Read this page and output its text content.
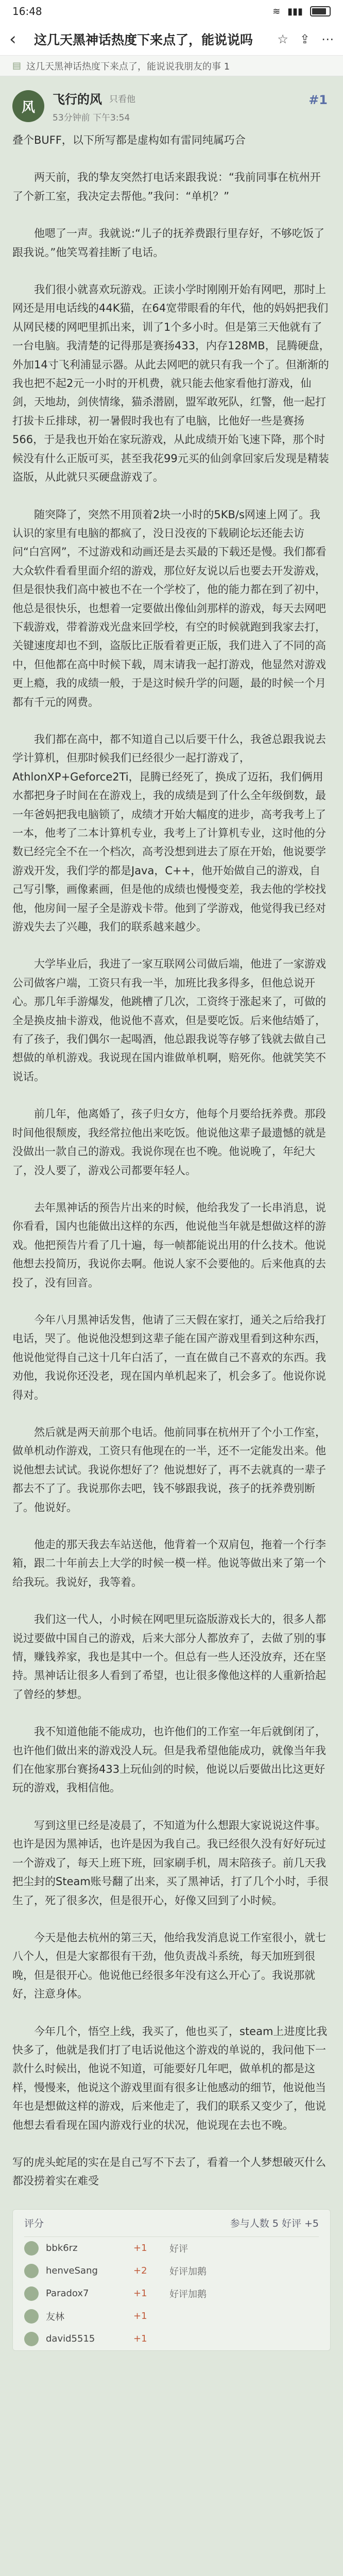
16:48	≋ ▮▮▮
‹	这几天黑神话热度下来点了，能说说吗	☆ ⇪ ⋯
▤ 这几天黑神话热度下来点了，能说说我朋友的事 1
风
飞行的风 只看他
53分钟前 下午3:54
#1

叠个BUFF，以下所写都是虚构如有雷同纯属巧合

两天前，我的挚友突然打电话来跟我说：“我前同事在杭州开了个新工室，我决定去帮他。”我问：“单机？”

他嗯了一声。我就说:“儿子的抚养费跟行里存好，不够吃饭了跟我说。”他笑骂着挂断了电话。

我们很小就喜欢玩游戏。正读小学时刚刚开始有网吧，那时上网还是用电话线的44K猫，在64宽带眼看的年代，他的妈妈把我们从网民楼的网吧里抓出来，训了1个多小时。但是第三天他就有了一台电脑。我清楚的记得那是赛扬433，内存128MB，昆腾硬盘，外加14寸飞利浦显示器。从此去网吧的就只有我一个了。但渐渐的我也把不起2元一小时的开机费，就只能去他家看他打游戏，仙剑，天地劫，剑侠情缘，猫杀潜剧，盟军敢死队，红警，他一起打打拔卡丘排球，初一暑假时我也有了电脑，比他好一些是赛扬566，于是我也开始在家玩游戏，从此成绩开始飞速下降，那个时候没有什么正版可买，甚至我花99元买的仙剑拿回家后发现是精装盗版，从此就只买硬盘游戏了。

随突降了，突然不用顶着2块一小时的5KB/s网速上网了。我认识的家里有电脑的都疯了，没日没夜的下载刷论坛还能去访问“白宫网”，不过游戏和动画还是去买最的下载还是慢。我们都看大众软件看看里面介绍的游戏，那位好友说以后也要去开发游戏，但是很快我们高中被也不在一个学校了，他的能力都在到了初中，他总是很快乐，也想着一定要做出像仙剑那样的游戏，每天去网吧下载游戏，带着游戏光盘来回学校，有空的时候就跑到我家去打，关键速度却也不到，盗版比正版看着更正版，我们进入了不同的高中，但他都在高中时候下载，周末请我一起打游戏，他显然对游戏更上瘾，我的成绩一般，于是这时候升学的问题，最的时候一个月都有千元的网费。

我们都在高中，都不知道自己以后要干什么，我爸总跟我说去学计算机，但那时候我们已经很少一起打游戏了，AthlonXP+Geforce2Ti，昆腾已经死了，换成了迈拓，我们俩用水都把身子时间在在游戏上，我的成绩是到了什么全年级倒数，最一年爸妈把我电脑锁了，成绩才开始大幅度的进步，高考我考上了一本，他考了二本计算机专业，我考上了计算机专业，这时他的分数已经完全不在一个档次，高考没想到进去了原在开始，他说要学游戏开发，我们学的都是Java，C++，他开始做自己的游戏，自己写引擎，画像素画，但是他的成绩也慢慢变差，我去他的学校找他，他房间一屋子全是游戏卡带。他到了学游戏，他觉得我已经对游戏失去了兴趣，我们的联系越来越少。

大学毕业后，我进了一家互联网公司做后端，他进了一家游戏公司做客户端，工资只有我一半，加班比我多得多，但他总说开心。那几年手游爆发，他跳槽了几次，工资终于涨起来了，可做的全是换皮抽卡游戏，他说他不喜欢，但是要吃饭。后来他结婚了，有了孩子，我们偶尔一起喝酒，他总跟我说等存够了钱就去做自己想做的单机游戏。我说现在国内谁做单机啊，赔死你。他就笑笑不说话。

前几年，他离婚了，孩子归女方，他每个月要给抚养费。那段时间他很颓废，我经常拉他出来吃饭。他说他这辈子最遗憾的就是没做出一款自己的游戏。我说你现在也不晚。他说晚了，年纪大了，没人要了，游戏公司都要年轻人。

去年黑神话的预告片出来的时候，他给我发了一长串消息，说你看看，国内也能做出这样的东西，他说他当年就是想做这样的游戏。他把预告片看了几十遍，每一帧都能说出用的什么技术。他说他想去投简历，我说你去啊。他说人家不会要他的。后来他真的去投了，没有回音。

今年八月黑神话发售，他请了三天假在家打，通关之后给我打电话，哭了。他说他没想到这辈子能在国产游戏里看到这种东西，他说他觉得自己这十几年白活了，一直在做自己不喜欢的东西。我劝他，我说你还没老，现在国内单机起来了，机会多了。他说你说得对。

然后就是两天前那个电话。他前同事在杭州开了个小工作室，做单机动作游戏，工资只有他现在的一半，还不一定能发出来。他说他想去试试。我说你想好了？他说想好了，再不去就真的一辈子都去不了了。我说那你去吧，钱不够跟我说，孩子的抚养费别断了。他说好。

他走的那天我去车站送他，他背着一个双肩包，拖着一个行李箱，跟二十年前去上大学的时候一模一样。他说等做出来了第一个给我玩。我说好，我等着。

我们这一代人，小时候在网吧里玩盗版游戏长大的，很多人都说过要做中国自己的游戏，后来大部分人都放弃了，去做了别的事情，赚钱养家，我也是其中一个。但总有一些人还没放弃，还在坚持。黑神话让很多人看到了希望，也让很多像他这样的人重新拾起了曾经的梦想。

我不知道他能不能成功，也许他们的工作室一年后就倒闭了，也许他们做出来的游戏没人玩。但是我希望他能成功，就像当年我们在他家那台赛扬433上玩仙剑的时候，他说以后要做出比这更好玩的游戏，我相信他。

写到这里已经是凌晨了，不知道为什么想跟大家说说这件事。也许是因为黑神话，也许是因为我自己。我已经很久没有好好玩过一个游戏了，每天上班下班，回家刷手机，周末陪孩子。前几天我把尘封的Steam账号翻了出来，买了黑神话，打了几个小时，手很生了，死了很多次，但是很开心，好像又回到了小时候。

今天是他去杭州的第三天，他给我发消息说工作室很小，就七八个人，但是大家都很有干劲，他负责战斗系统，每天加班到很晚，但是很开心。他说他已经很多年没有这么开心了。我说那就好，注意身体。

今年几个，悟空上线，我买了，他也买了，steam上进度比我快多了，他就是我们打了电话说他这个游戏的单说的，我问他下一款什么时候出，他说不知道，可能要好几年吧，做单机的都是这样，慢慢来，他说这个游戏里面有很多让他感动的细节，他说他当年也是想做这样的游戏，后来他走了，我们的联系又变少了，他说他想去看看现在国内游戏行业的状况，他说现在去也不晚。

写的虎头蛇尾的实在是自己写不下去了，看着一个人梦想破灭什么都没捞着实在难受

评分	参与人数 5 好评 +5
bbk6rz	+1	好评
henveSang	+2	好评加鹅
Paradox7	+1	好评加鹅
友林	+1
david5515	+1
